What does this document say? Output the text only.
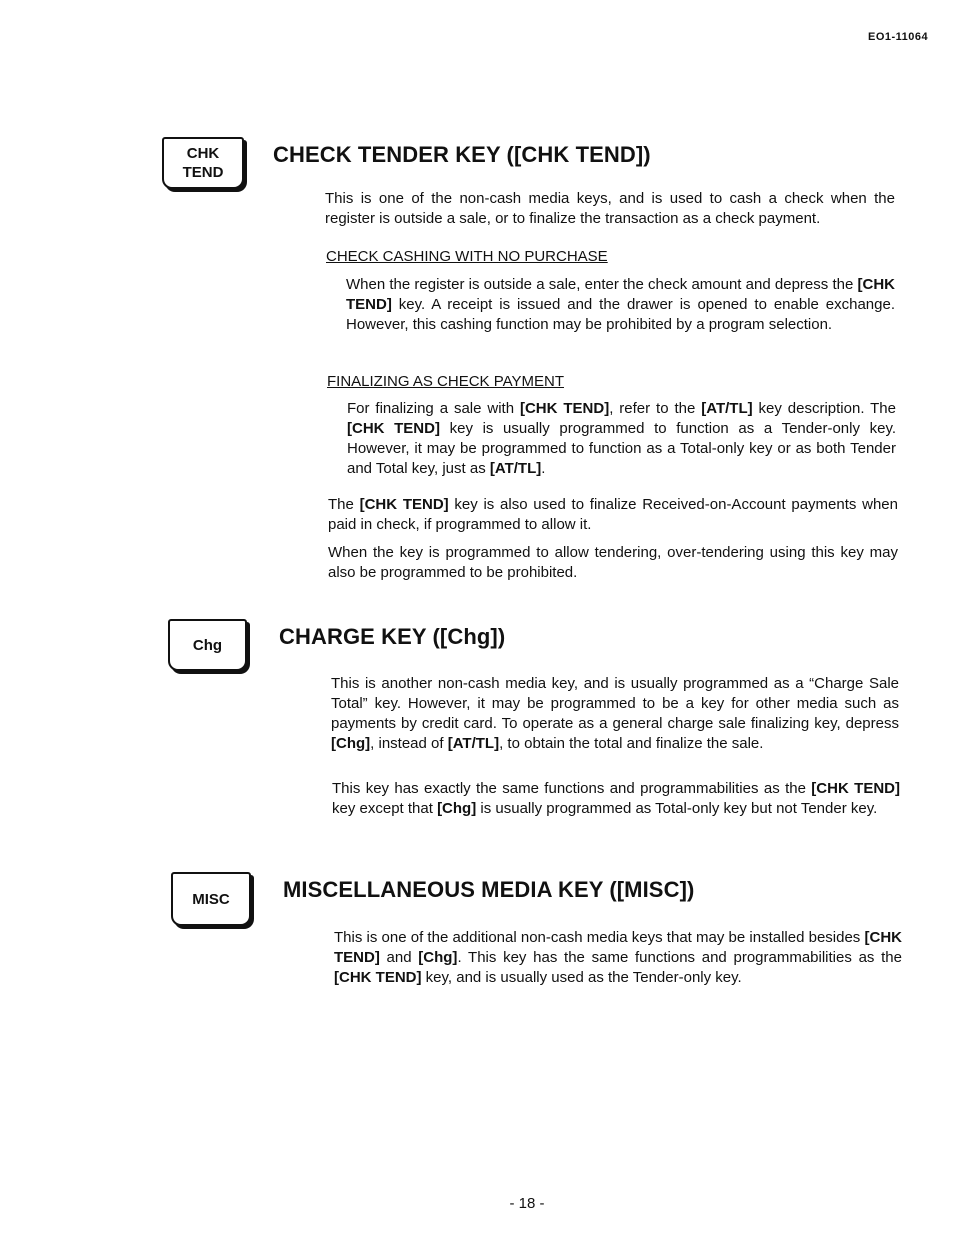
EO1-11064
CHK
TEND
CHECK TENDER KEY ([CHK TEND])

This is one of the non-cash media keys, and is used to cash a check when the register is outside a sale, or to finalize the transaction as a check payment.

CHECK CASHING WITH NO PURCHASE

When the register is outside a sale, enter the check amount and depress the [CHK TEND] key. A receipt is issued and the drawer is opened to enable exchange. However, this cashing function may be prohibited by a program selection.

FINALIZING AS CHECK PAYMENT

For finalizing a sale with [CHK TEND], refer to the [AT/TL] key description. The [CHK TEND] key is usually programmed to function as a Tender-only key. However, it may be programmed to function as a Total-only key or as both Tender and Total key, just as [AT/TL].

The [CHK TEND] key is also used to finalize Received-on-Account payments when paid in check, if programmed to allow it.

When the key is programmed to allow tendering, over-tendering using this key may also be programmed to be prohibited.

Chg	CHARGE KEY ([Chg])

This is another non-cash media key, and is usually programmed as a “Charge Sale Total” key. However, it may be programmed to be a key for other media such as payments by credit card. To operate as a general charge sale finalizing key, depress [Chg], instead of [AT/TL], to obtain the total and finalize the sale.

This key has exactly the same functions and programmabilities as the [CHK TEND] key except that [Chg] is usually programmed as Total-only key but not Tender key.

MISC MISCELLANEOUS MEDIA KEY ([MISC])

This is one of the additional non-cash media keys that may be installed besides [CHK TEND] and [Chg]. This key has the same functions and programmabilities as the [CHK TEND] key, and is usually used as the Tender-only key.

- 18 -
